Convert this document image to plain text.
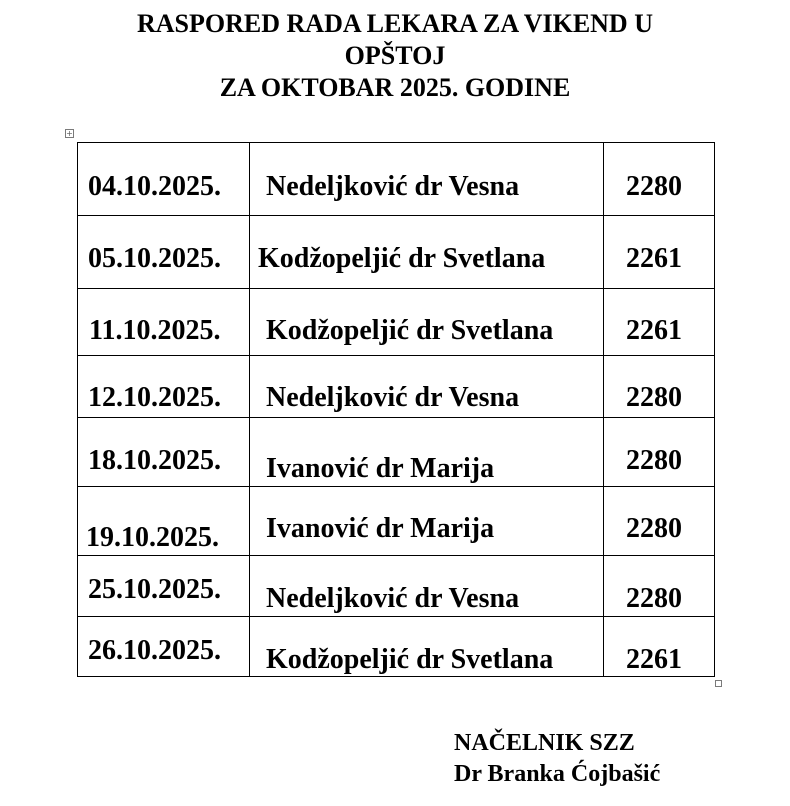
RASPORED RADA LEKARA ZA VIKEND U
OPŠTOJ
ZA OKTOBAR 2025. GODINE
+
04.10.2025.	Nedeljković dr Vesna	2280

05.10.2025.	Kodžopeljić dr Svetlana	2261

11.10.2025.	Kodžopeljić dr Svetlana	2261

12.10.2025.	Nedeljković dr Vesna	2280

18.10.2025.	Ivanović dr Marija	2280

19.10.2025.	Ivanović dr Marija	2280

25.10.2025.	Nedeljković dr Vesna	2280

26.10.2025.	Kodžopeljić dr Svetlana	2261
NAČELNIK SZZ
Dr Branka Ćojbašić
